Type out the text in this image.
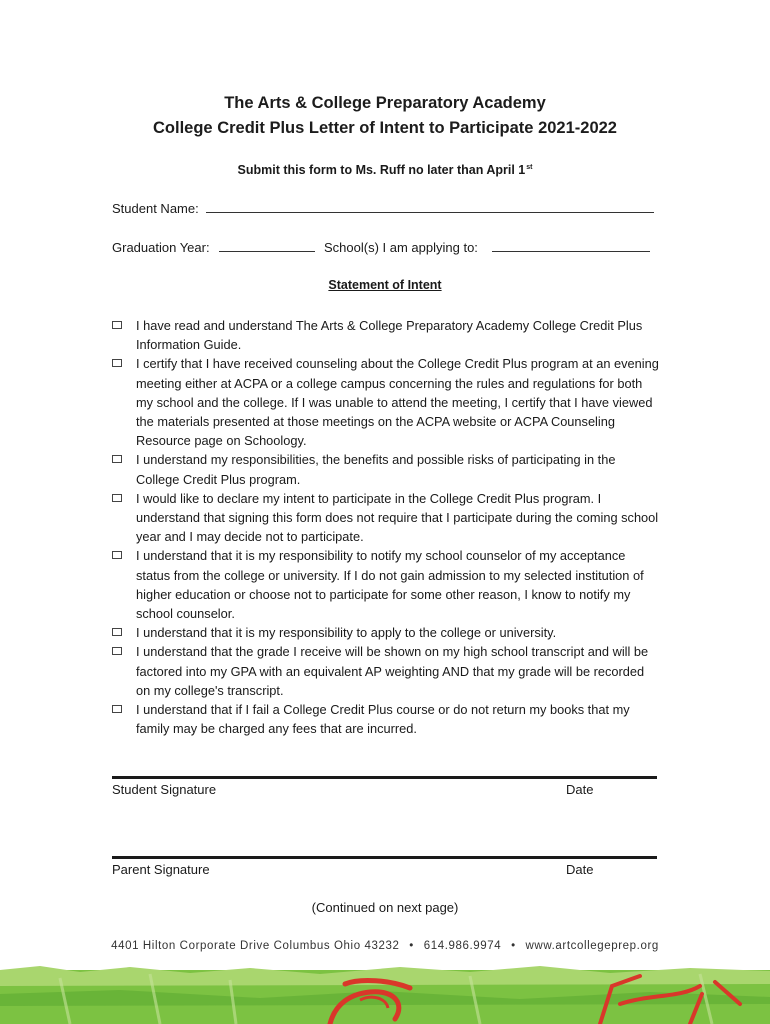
The Arts & College Preparatory Academy
College Credit Plus Letter of Intent to Participate 2021-2022
Submit this form to Ms. Ruff no later than April 1st
Student Name:
Graduation Year:	School(s) I am applying to:
Statement of Intent
I have read and understand The Arts & College Preparatory Academy College Credit Plus Information Guide.
I certify that I have received counseling about the College Credit Plus program at an evening meeting either at ACPA or a college campus concerning the rules and regulations for both my school and the college. If I was unable to attend the meeting, I certify that I have viewed the materials presented at those meetings on the ACPA website or ACPA Counseling Resource page on Schoology.
I understand my responsibilities, the benefits and possible risks of participating in the College Credit Plus program.
I would like to declare my intent to participate in the College Credit Plus program. I understand that signing this form does not require that I participate during the coming school year and I may decide not to participate.
I understand that it is my responsibility to notify my school counselor of my acceptance status from the college or university. If I do not gain admission to my selected institution of higher education or choose not to participate for some other reason, I know to notify my school counselor.
I understand that it is my responsibility to apply to the college or university.
I understand that the grade I receive will be shown on my high school transcript and will be factored into my GPA with an equivalent AP weighting AND that my grade will be recorded on my college's transcript.
I understand that if I fail a College Credit Plus course or do not return my books that my family may be charged any fees that are incurred.
Student Signature	Date
Parent Signature	Date
(Continued on next page)
4401 Hilton Corporate Drive Columbus Ohio 43232 • 614.986.9974 • www.artcollegeprep.org
